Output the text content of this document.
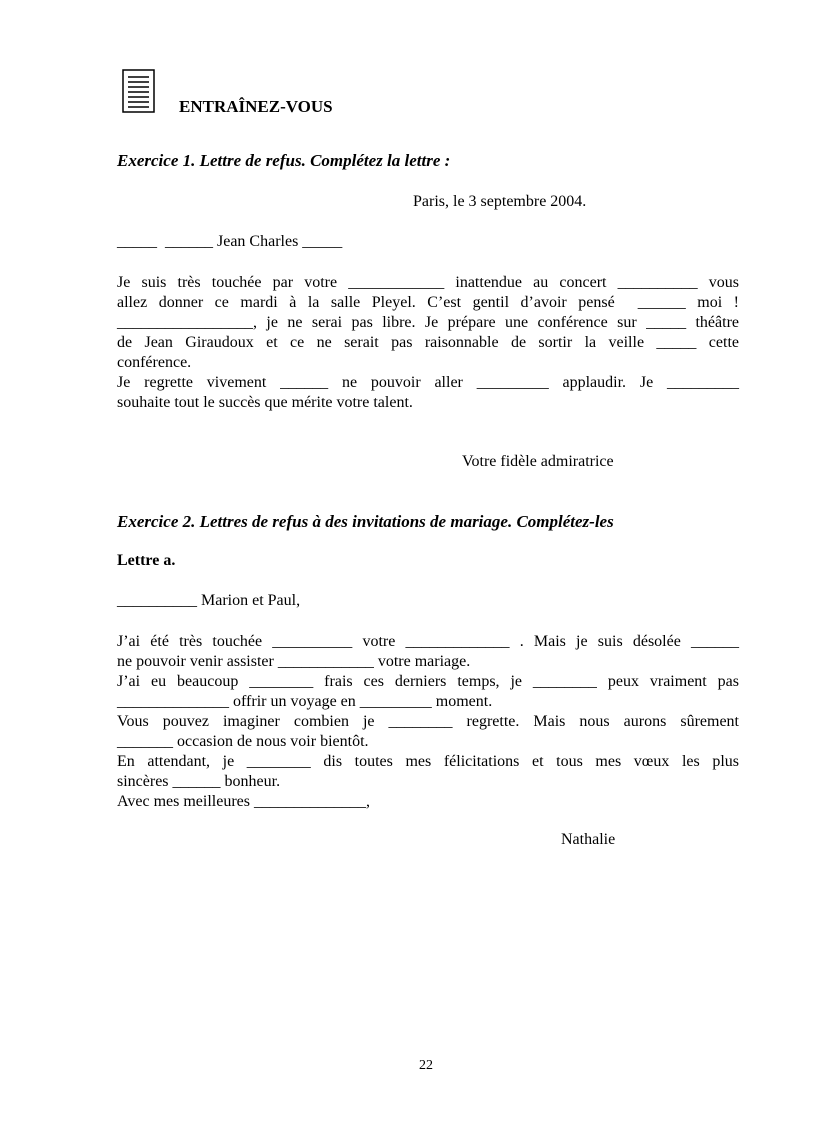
ENTRAÎNEZ-VOUS
Exercice 1. Lettre de refus. Complétez la lettre :
Paris, le 3 septembre 2004.
_____  ______ Jean Charles _____
Je suis très touchée par votre ____________ inattendue au concert __________ vous
allez donner ce mardi à la salle Pleyel. C’est gentil d’avoir pensé  ______ moi !
_________________, je ne serai pas libre. Je prépare une conférence sur _____ théâtre
de Jean Giraudoux et ce ne serait pas raisonnable de sortir la veille _____ cette
conférence.
Je regrette vivement ______ ne pouvoir aller _________ applaudir. Je _________
souhaite tout le succès que mérite votre talent.
Votre fidèle admiratrice
Exercice 2. Lettres de refus à des invitations de mariage. Complétez-les
Lettre a.
__________ Marion et Paul,
J’ai été très touchée __________ votre _____________ . Mais je suis désolée ______
ne pouvoir venir assister ____________ votre mariage.
J’ai eu beaucoup ________ frais ces derniers temps, je ________ peux vraiment pas
______________ offrir un voyage en _________ moment.
Vous pouvez imaginer combien je ________ regrette. Mais nous aurons sûrement
_______ occasion de nous voir bientôt.
En attendant, je ________ dis toutes mes félicitations et tous mes vœux les plus
sincères ______ bonheur.
Avec mes meilleures ______________,
Nathalie
22
